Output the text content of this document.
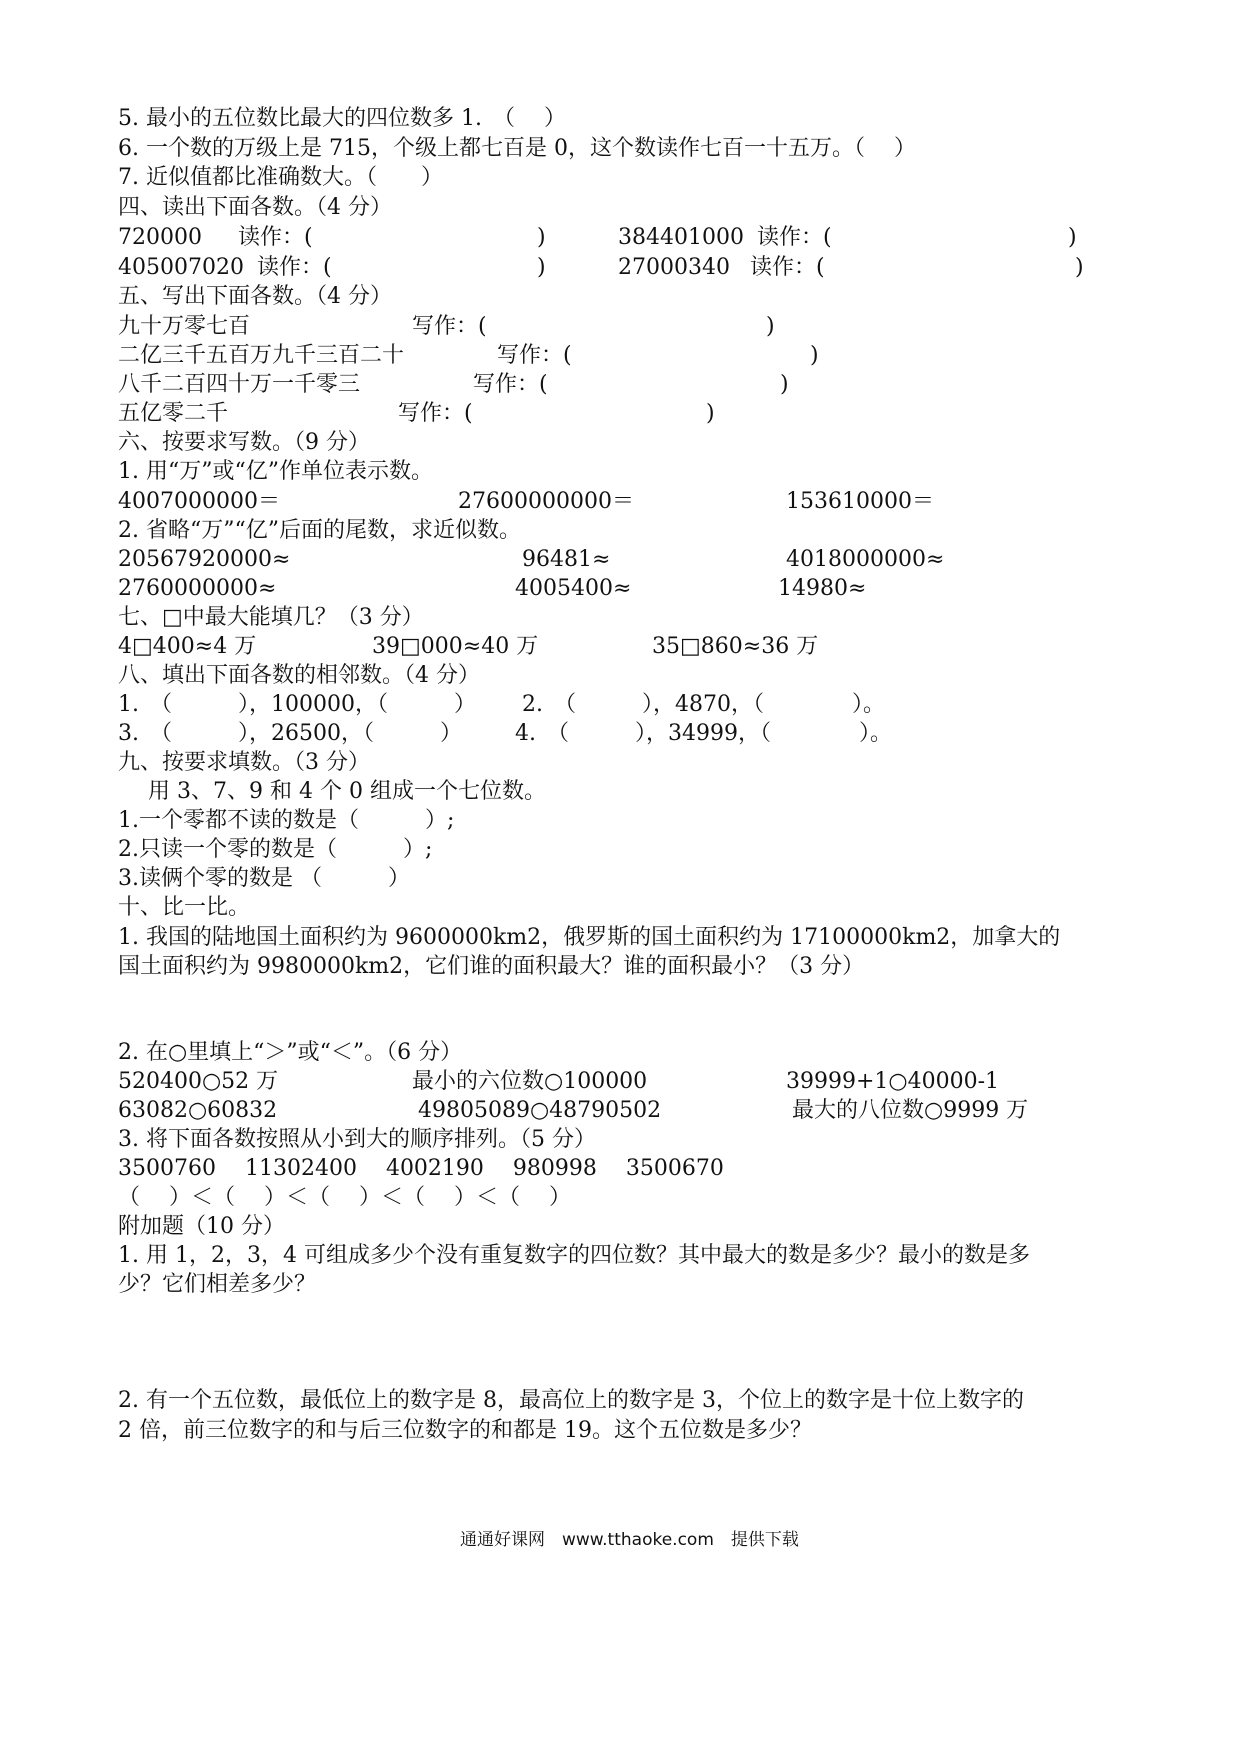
5. 最小的五位数比最大的四位数多 1.　（　 ）
6. 一个数的万级上是 715，个级上都七百是 0，这个数读作七百一十五万。（　 ）
7. 近似值都比准确数大。（　　）
四、读出下面各数。（4 分）
720000 读作：(	)	384401000 读作：(	)
405007020 读作：(	)	27000340 读作：(	)
五、写出下面各数。（4 分）
九十万零七百	写作：(	)
二亿三千五百万九千三百二十	写作：(	)
八千二百四十万一千零三	写作：(	)
五亿零二千	写作：(	)
六、按要求写数。（9 分）
1. 用“万”或“亿”作单位表示数。
4007000000＝	27600000000＝	153610000＝
2. 省略“万”“亿”后面的尾数，求近似数。
20567920000≈	96481≈	4018000000≈
2760000000≈	4005400≈	14980≈
七、□中最大能填几？（3 分）
4□400≈4 万	39□000≈40 万	35□860≈36 万
八、填出下面各数的相邻数。（4 分）
1.　（　　　），100000，（　　　） 2.　（　　　），4870，（　　　　）。
3.　（　　　），26500，（　　　） 4.　（　　　），34999，（　　　　）。
九、按要求填数。（3 分）
用 3、7、9 和 4 个 0 组成一个七位数。
1.一个零都不读的数是（　　　）;
2.只读一个零的数是（　　　）;
3.读俩个零的数是 （　　　）
十、比一比。
1. 我国的陆地国土面积约为 9600000km2，俄罗斯的国土面积约为 17100000km2，加拿大的
国土面积约为 9980000km2，它们谁的面积最大？谁的面积最小？（3 分）
2. 在○里填上“＞”或“＜”。（6 分）
520400○52 万	最小的六位数○100000	39999+1○40000-1
63082○60832	49805089○48790502	最大的八位数○9999 万
3. 将下面各数按照从小到大的顺序排列。（5 分）
3500760　 11302400　 4002190　 980998　 3500670
（　 ）＜（　 ）＜（　 ）＜（　 ）＜（　 ）
附加题（10 分）
1. 用 1，2，3，4 可组成多少个没有重复数字的四位数？其中最大的数是多少？最小的数是多
少？它们相差多少？
2. 有一个五位数，最低位上的数字是 8，最高位上的数字是 3，个位上的数字是十位上数字的
2 倍，前三位数字的和与后三位数字的和都是 19。这个五位数是多少？
通通好课网　www.tthaoke.com　提供下载
